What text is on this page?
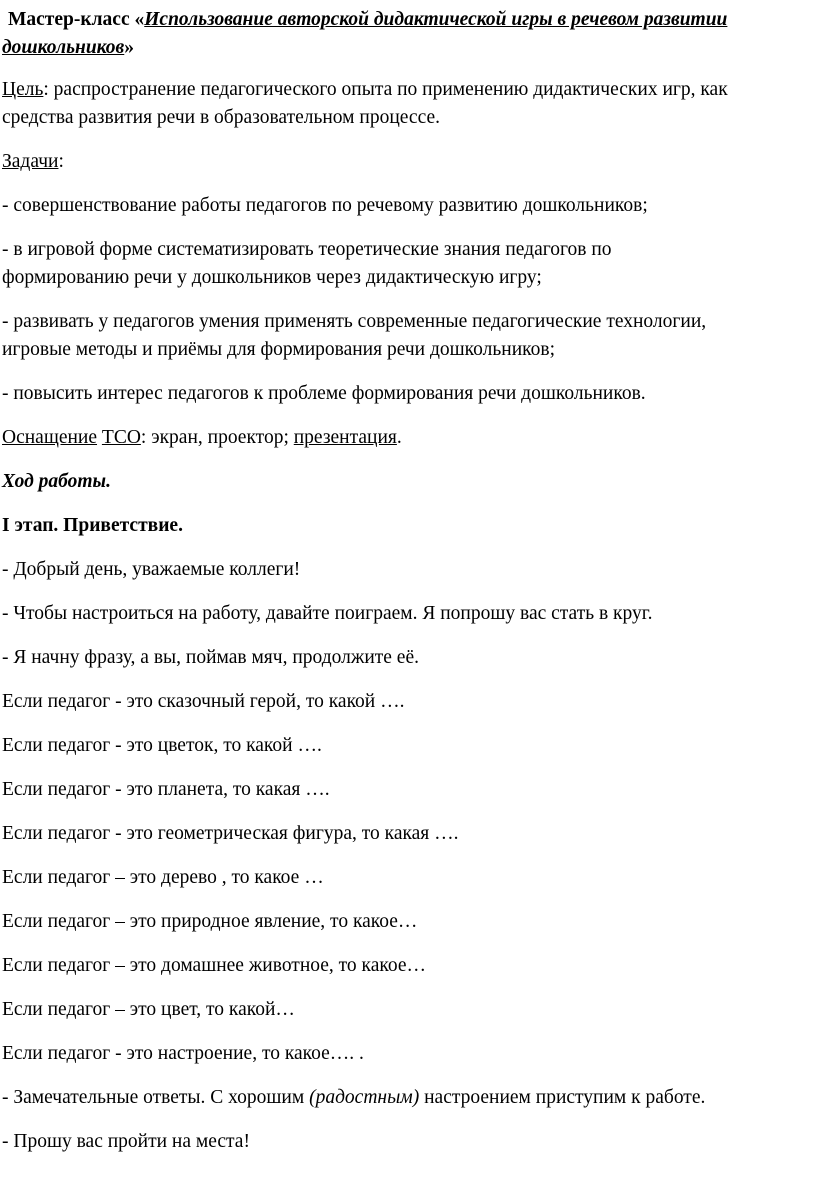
Мастер-класс «Использование авторской дидактической игры в речевом развитии
дошкольников»

Цель: распространение педагогического опыта по применению дидактических игр, как
средства развития речи в образовательном процессе.

Задачи:

- совершенствование работы педагогов по речевому развитию дошкольников;

- в игровой форме систематизировать теоретические знания педагогов по
формированию речи у дошкольников через дидактическую игру;

- развивать у педагогов умения применять современные педагогические технологии,
игровые методы и приёмы для формирования речи дошкольников;

- повысить интерес педагогов к проблеме формирования речи дошкольников.

Оснащение ТСО: экран, проектор; презентация.

Ход работы.

I этап. Приветствие.

- Добрый день, уважаемые коллеги!

- Чтобы настроиться на работу, давайте поиграем. Я попрошу вас стать в круг.

- Я начну фразу, а вы, поймав мяч, продолжите её.

Если педагог - это сказочный герой, то какой ….

Если педагог - это цветок, то какой ….

Если педагог - это планета, то какая ….

Если педагог - это геометрическая фигура, то какая ….

Если педагог – это дерево , то какое …

Если педагог – это природное явление, то какое…

Если педагог – это домашнее животное, то какое…

Если педагог – это цвет, то какой…

Если педагог - это настроение, то какое…. .

- Замечательные ответы. С хорошим (радостным) настроением приступим к работе.

- Прошу вас пройти на места!
